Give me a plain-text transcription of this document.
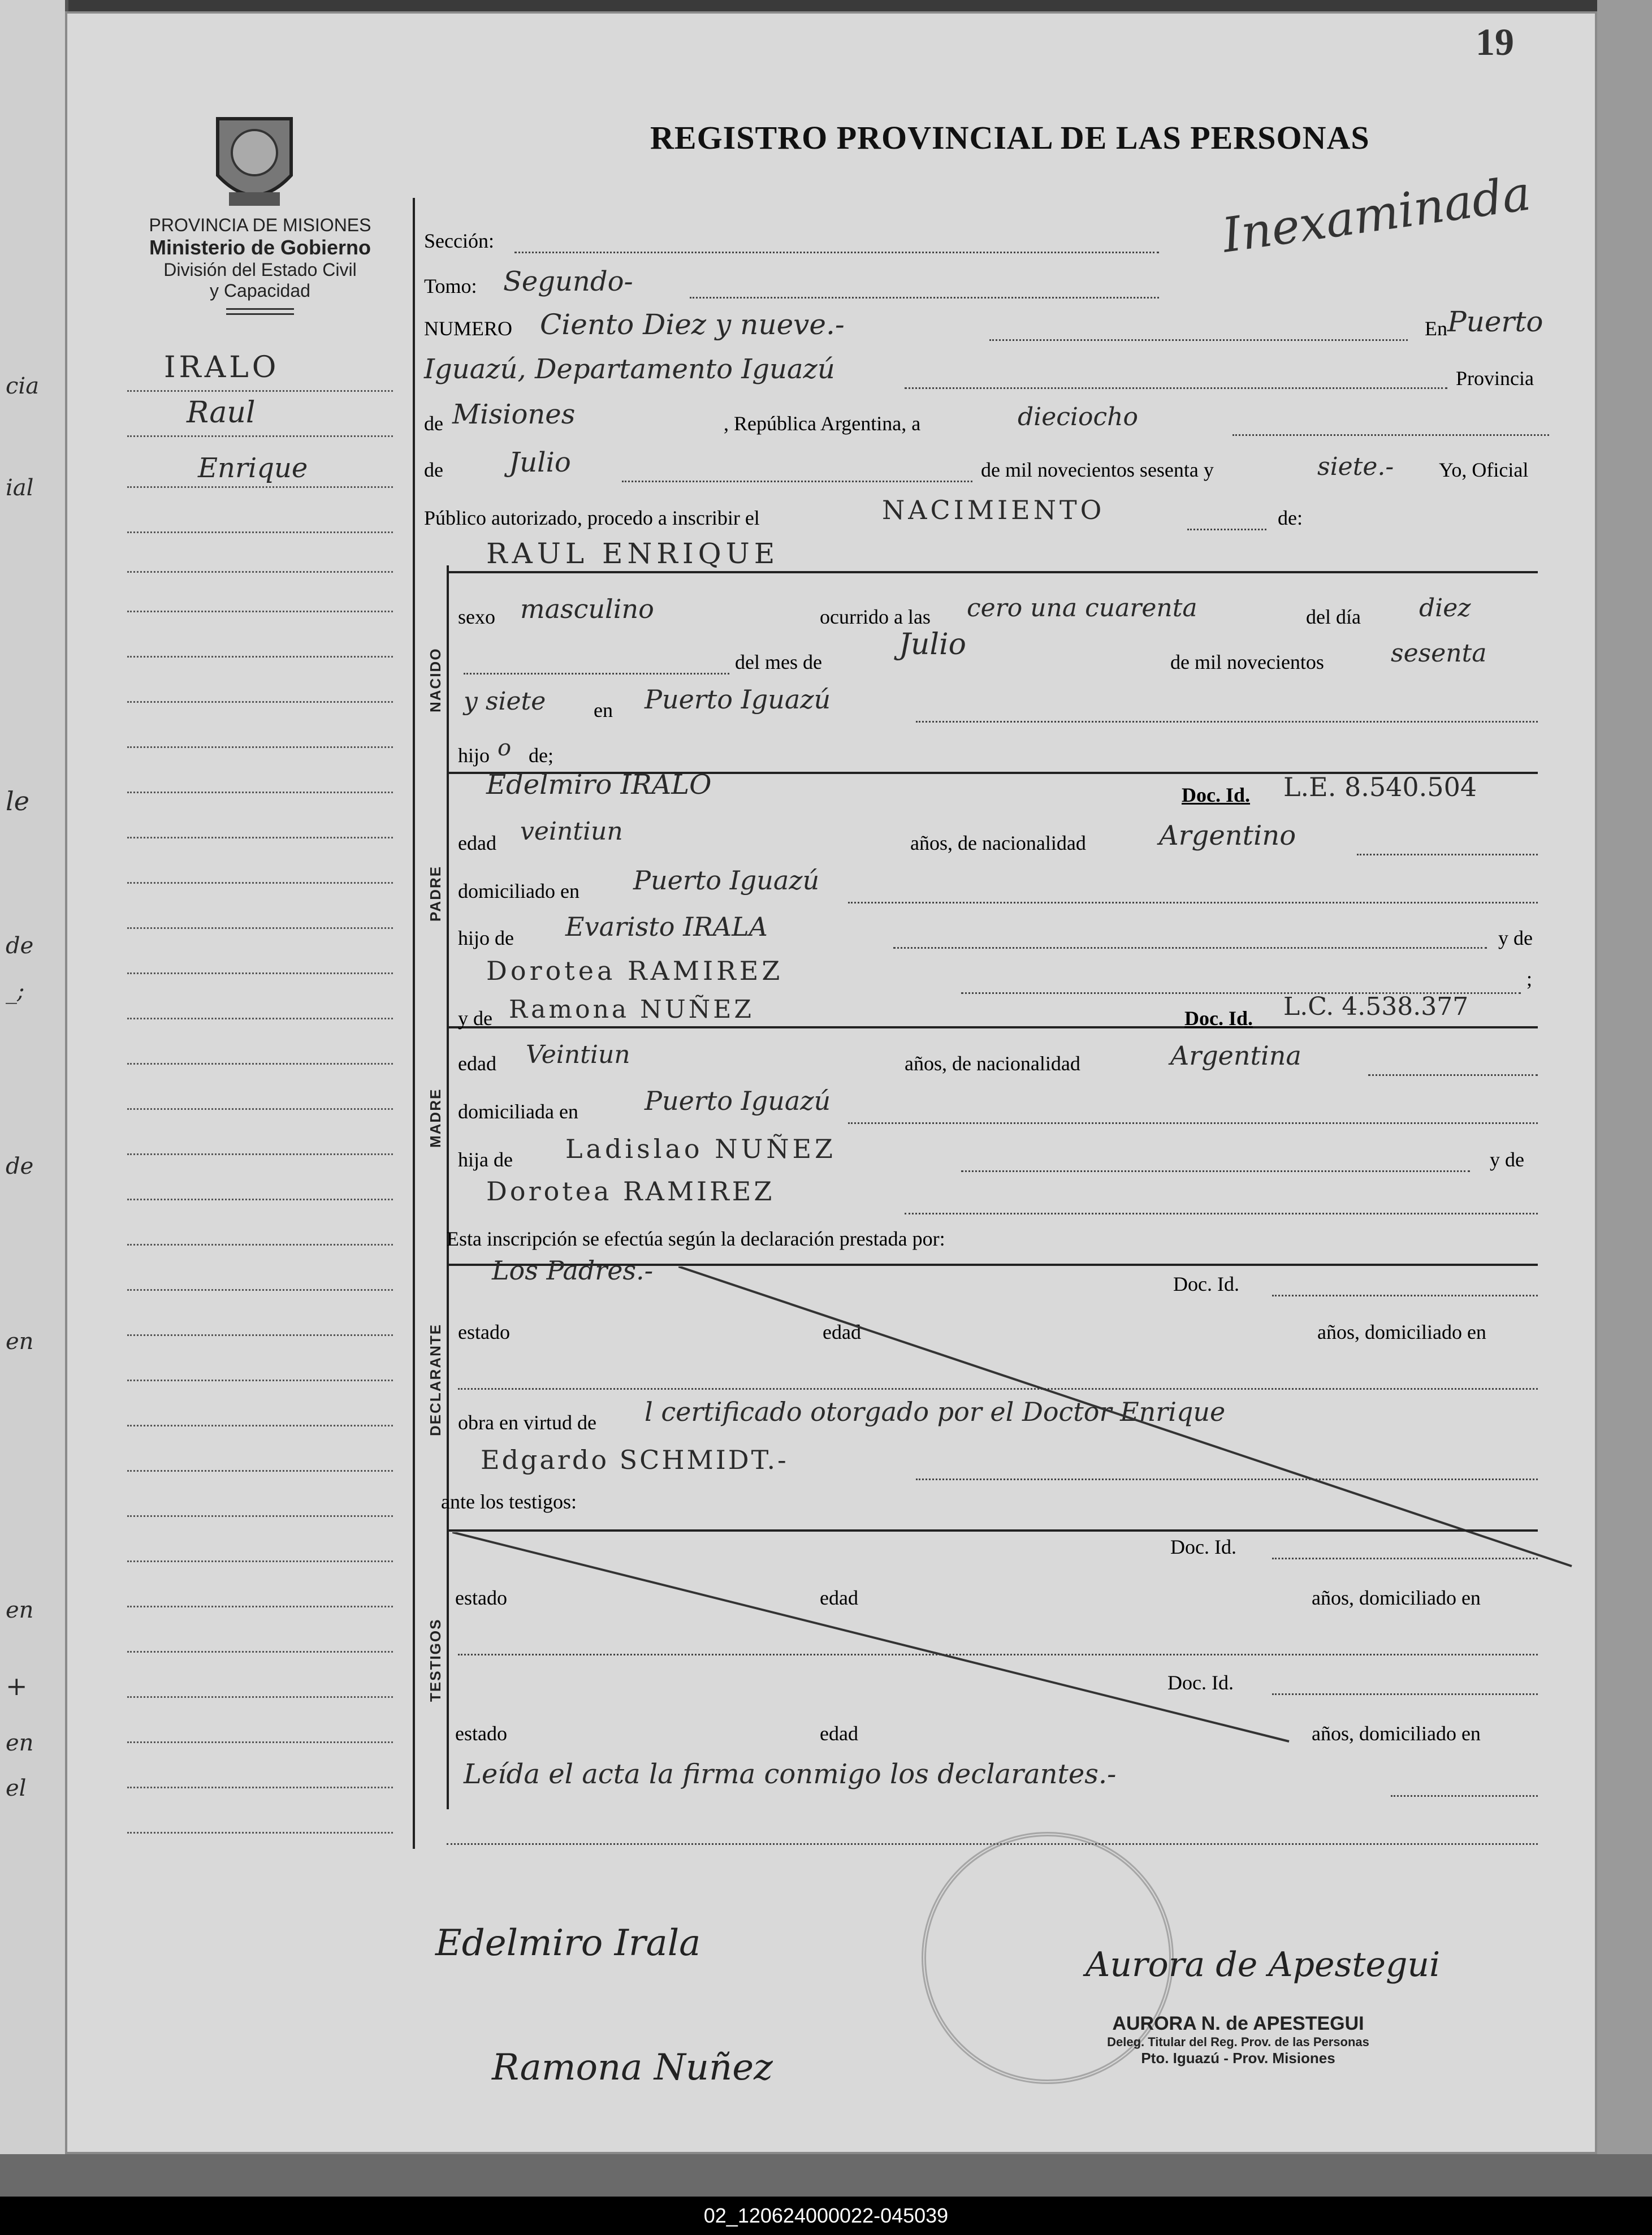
02_120624000022-045039
cia
ial
le
de
_;
de
en
en
+
en
el
19
PROVINCIA DE MISIONES
Ministerio de Gobierno
División del Estado Civil
y Capacidad
IRALO
Raul
Enrique
REGISTRO PROVINCIAL DE LAS PERSONAS
Inexaminada
Sección:
Tomo: Segundo-
NUMERO Ciento Diez y nueve.-	En Puerto
Iguazú, Departamento Iguazú	Provincia
de Misiones	, República Argentina, a	dieciocho
de Julio	de mil novecientos sesenta y	siete.- Yo, Oficial
Público autorizado, procedo a inscribir el	NACIMIENTO	de:
RAUL ENRIQUE
NACIDO
sexo masculino	ocurrido a las cero una cuarenta	del día diez
del mes de
Julio
de mil novecientos	sesenta
y siete en Puerto Iguazú
hijo o de;
PADRE
Edelmiro IRALO	Doc. Id. L.E. 8.540.504
edad veintiun	años, de nacionalidad	Argentino
domiciliado en Puerto Iguazú
hijo de Evaristo IRALA	y de
Dorotea RAMIREZ	;
MADRE
y de Ramona NUÑEZ	Doc. Id. L.C. 4.538.377
edad Veintiun	años, de nacionalidad	Argentina
domiciliada en	Puerto Iguazú
hija de Ladislao NUÑEZ	y de
Dorotea RAMIREZ
Esta inscripción se efectúa según la declaración prestada por:
DECLARANTE
Los Padres.-	Doc. Id.
estado	edad	años, domiciliado en
obra en virtud de l certificado otorgado por el Doctor Enrique
Edgardo SCHMIDT.-
ante los testigos:
TESTIGOS
Doc. Id.
estado	edad	años, domiciliado en
Doc. Id.
estado	edad	años, domiciliado en
Leída el acta la firma conmigo los declarantes.-
Edelmiro Irala
Ramona Nuñez
Aurora de Apestegui
AURORA N. de APESTEGUI
Deleg. Titular del Reg. Prov. de las Personas
Pto. Iguazú - Prov. Misiones
